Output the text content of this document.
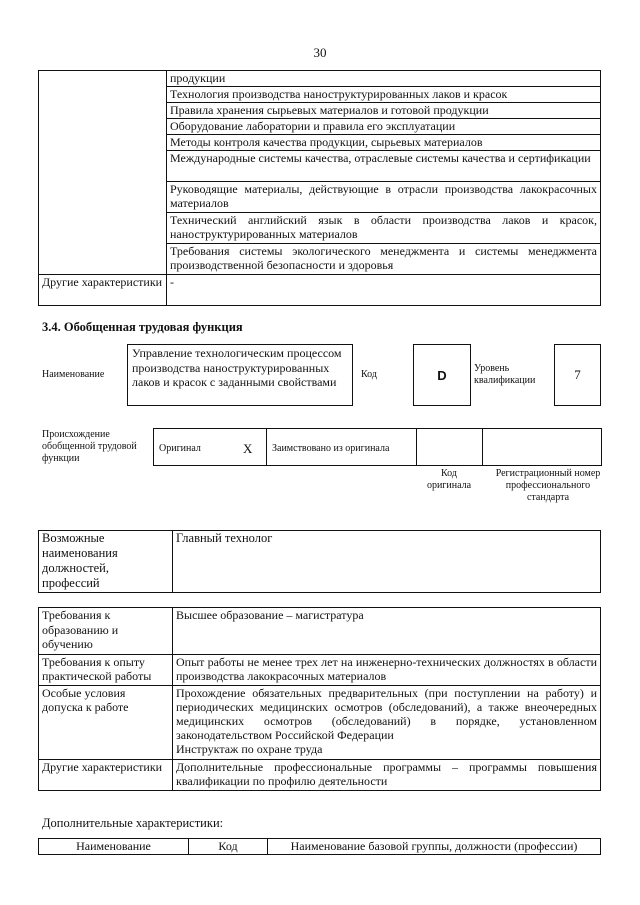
30
	продукции
	Технология производства наноструктурированных лаков и красок
	Правила хранения сырьевых материалов и готовой продукции
	Оборудование лаборатории и правила его эксплуатации
	Методы контроля качества продукции, сырьевых материалов
	Международные системы качества, отраслевые системы качества и сертификации
	Руководящие материалы, действующие в отрасли производства лакокрасочных материалов
	Технический английский язык в области производства лаков и красок, наноструктурированных материалов
	Требования системы экологического менеджмента и системы менеджмента производственной безопасности и здоровья
Другие характеристики	-
3.4. Обобщенная трудовая функция
Наименование
Управление технологическим процессом производства наноструктурированных лаков и красок с заданными свойствами
Код	D	Уровень квалификации	7
Происхождение обобщенной трудовой функции
Оригинал	X Заимствовано из оригинала
Код оригинала
Регистрационный номер профессионального стандарта
Возможные наименования должностей, профессий	Главный технолог
Требования к образованию и обучению	Высшее образование – магистратура
Требования к опыту практической работы	Опыт работы не менее трех лет на инженерно-технических должностях в области производства лакокрасочных материалов
Особые условия допуска к работе	Прохождение обязательных предварительных (при поступлении на работу) и периодических медицинских осмотров (обследований), а также внеочередных медицинских осмотров (обследований) в порядке, установленном законодательством Российской Федерации
Инструктаж по охране труда

Другие характеристики	Дополнительные профессиональные программы – программы повышения квалификации по профилю деятельности
Дополнительные характеристики:
Наименование	Код	Наименование базовой группы, должности (профессии)
